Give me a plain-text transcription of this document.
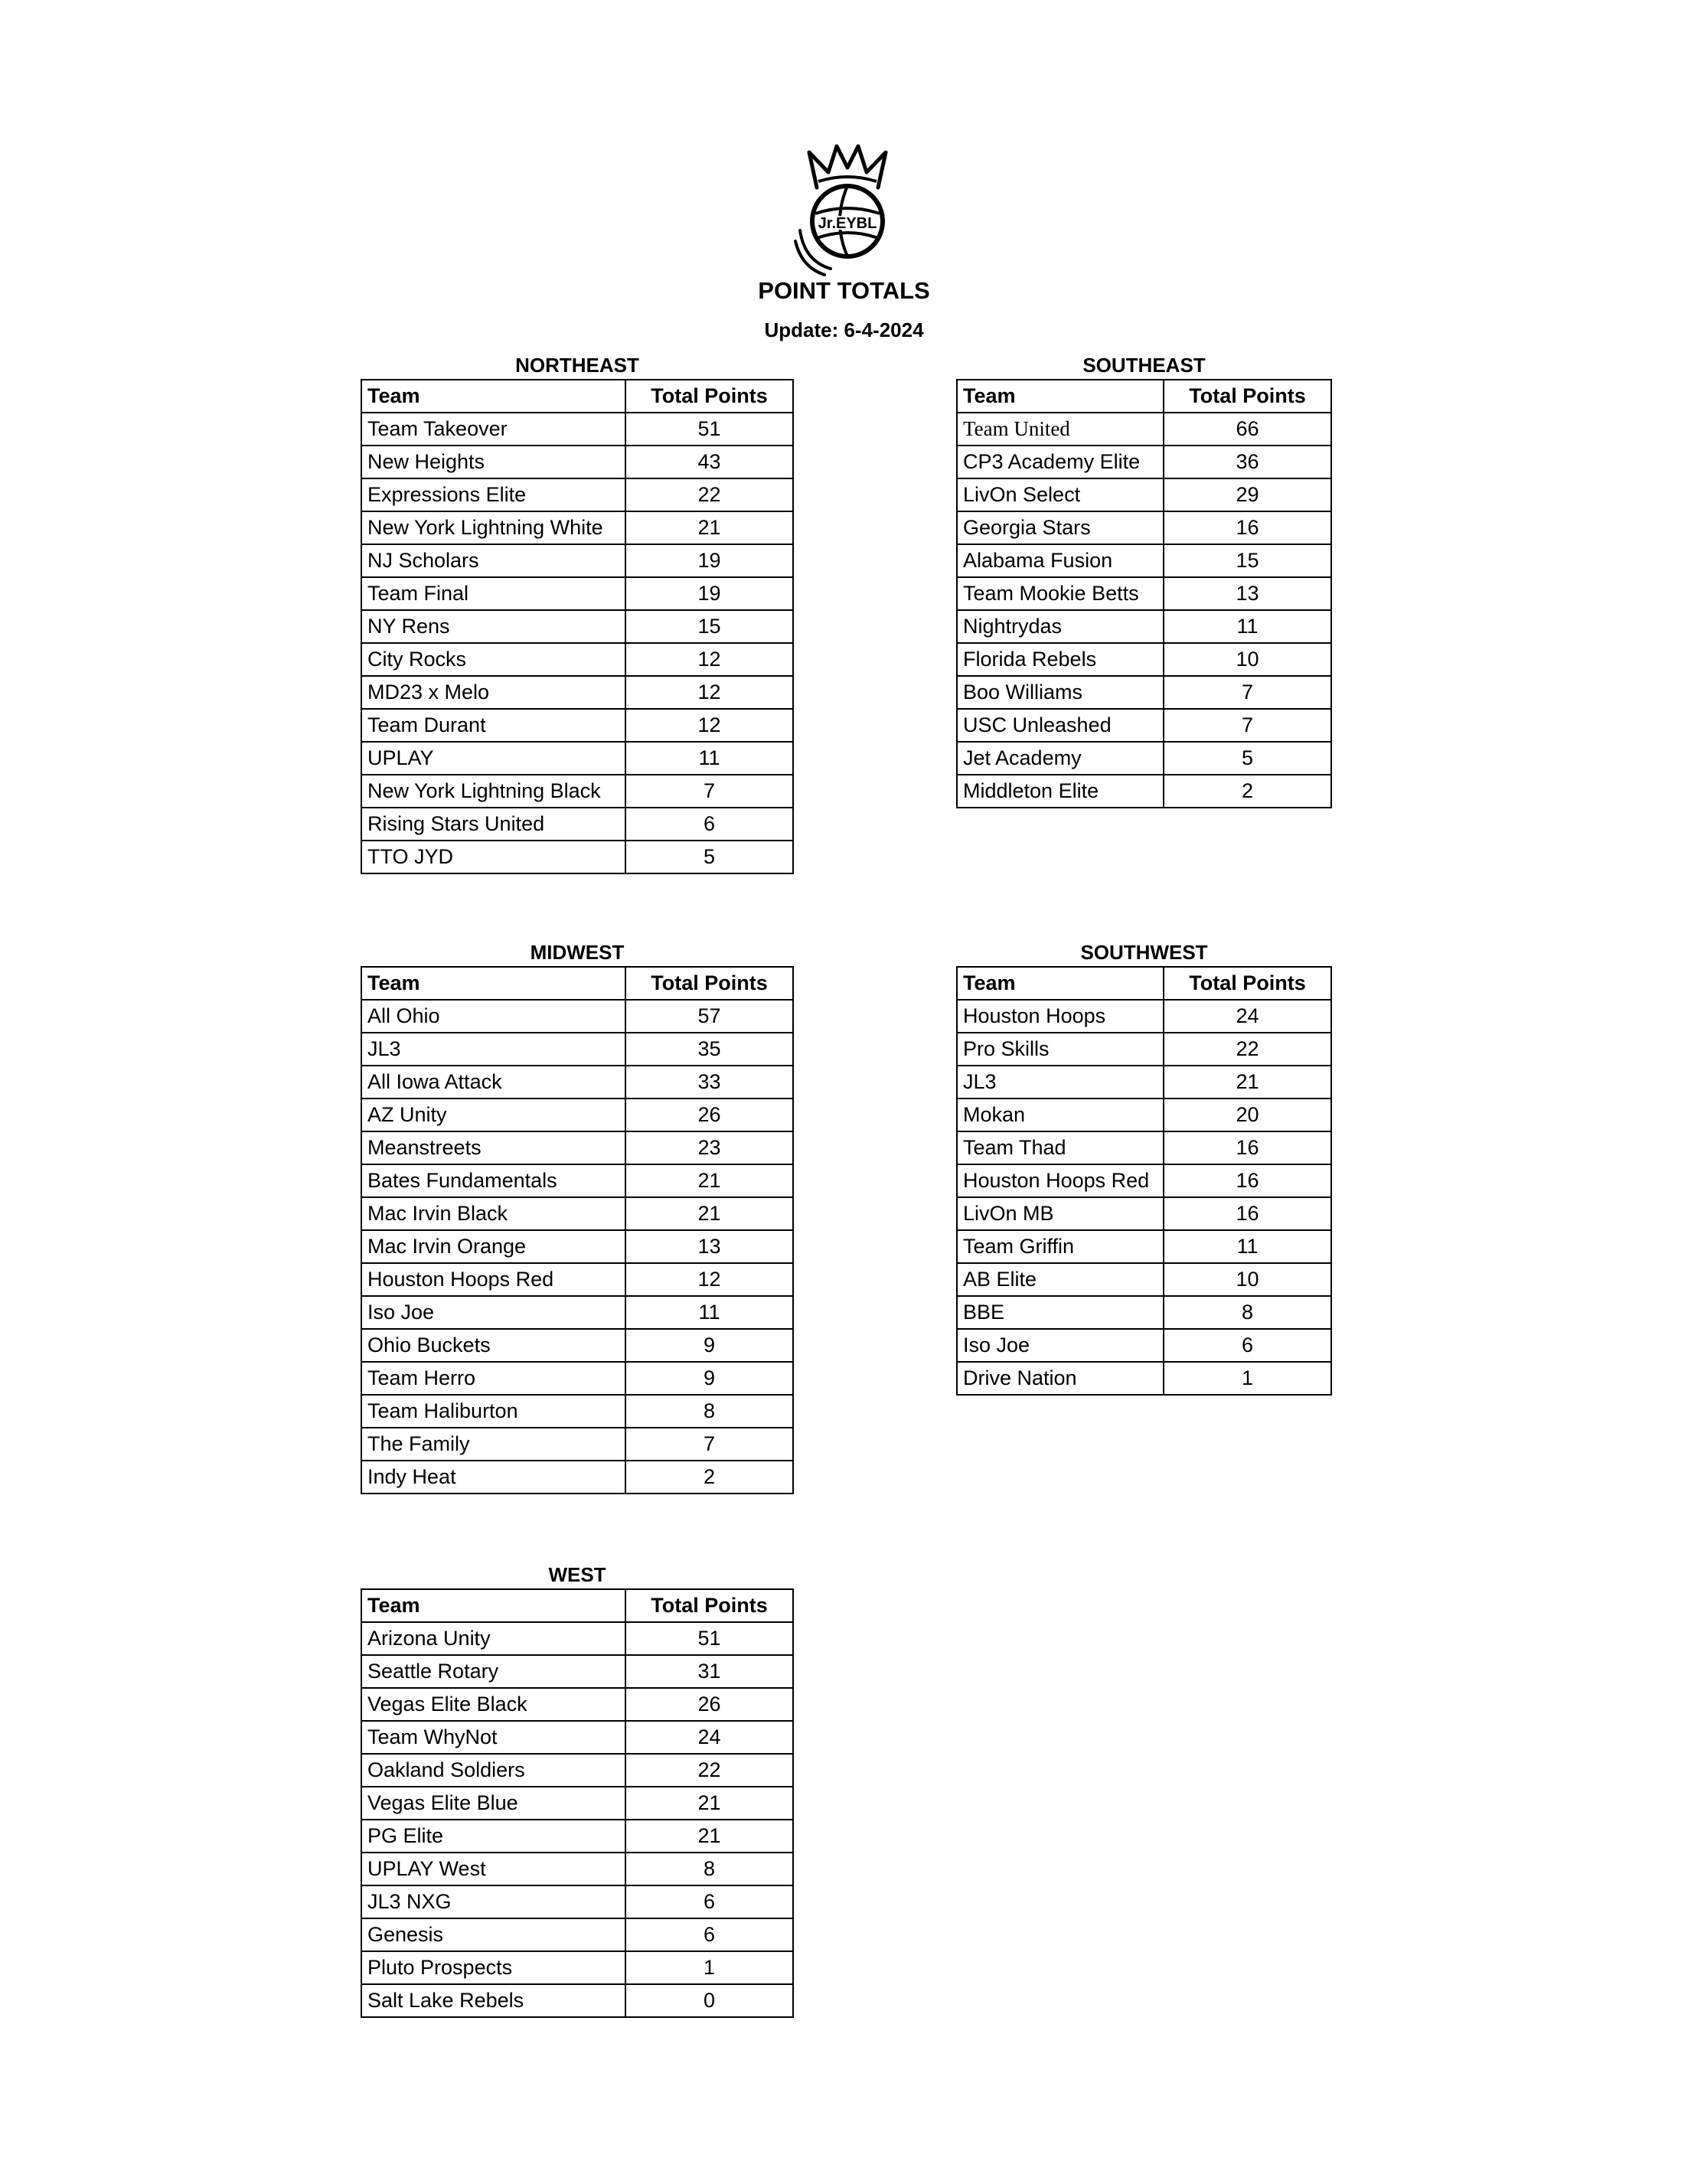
Jr.EYBL
POINT TOTALS
Update: 6-4-2024
NORTHEAST
Team	Total Points
Team Takeover	51
New Heights	43
Expressions Elite	22
New York Lightning White	21
NJ Scholars	19
Team Final	19
NY Rens	15
City Rocks	12
MD23 x Melo	12
Team Durant	12
UPLAY	11
New York Lightning Black	7
Rising Stars United	6
TTO JYD	5
SOUTHEAST
Team	Total Points
Team United	66
CP3 Academy Elite	36
LivOn Select	29
Georgia Stars	16
Alabama Fusion	15
Team Mookie Betts	13
Nightrydas	11
Florida Rebels	10
Boo Williams	7
USC Unleashed	7
Jet Academy	5
Middleton Elite	2
MIDWEST
Team	Total Points
All Ohio	57
JL3	35
All Iowa Attack	33
AZ Unity	26
Meanstreets	23
Bates Fundamentals	21
Mac Irvin Black	21
Mac Irvin Orange	13
Houston Hoops Red	12
Iso Joe	11
Ohio Buckets	9
Team Herro	9
Team Haliburton	8
The Family	7
Indy Heat	2
SOUTHWEST
Team	Total Points
Houston Hoops	24
Pro Skills	22
JL3	21
Mokan	20
Team Thad	16
Houston Hoops Red	16
LivOn MB	16
Team Griffin	11
AB Elite	10
BBE	8
Iso Joe	6
Drive Nation	1
WEST
Team	Total Points
Arizona Unity	51
Seattle Rotary	31
Vegas Elite Black	26
Team WhyNot	24
Oakland Soldiers	22
Vegas Elite Blue	21
PG Elite	21
UPLAY West	8
JL3 NXG	6
Genesis	6
Pluto Prospects	1
Salt Lake Rebels	0
